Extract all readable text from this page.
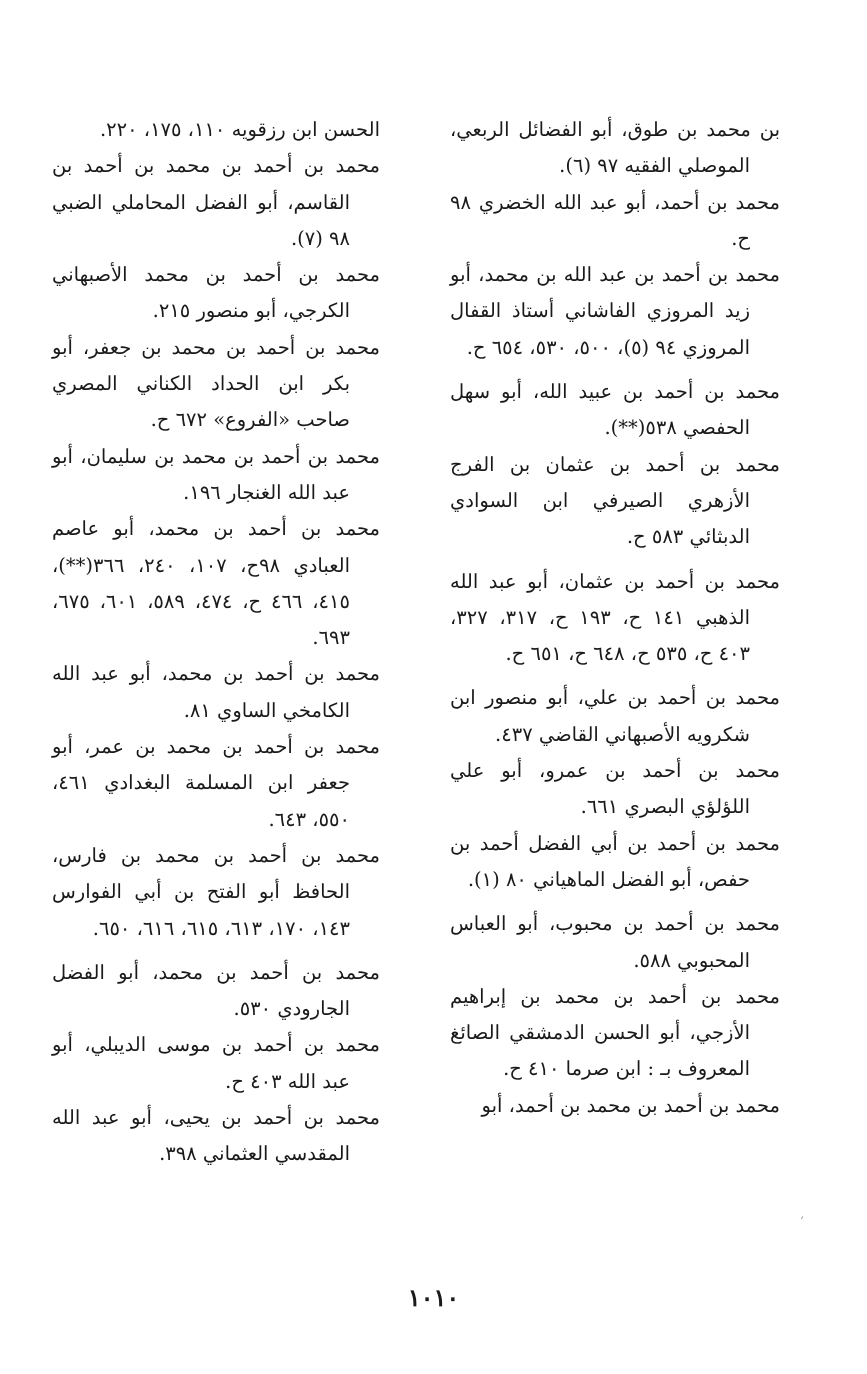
بن محمد بن طوق، أبو الفضائل الربعي، الموصلي الفقيه ٩٧ (٦).

محمد بن أحمد، أبو عبد الله الخضري ٩٨ ح.

محمد بن أحمد بن عبد الله بن محمد، أبو زيد المروزي الفاشاني أستاذ القفال المروزي ٩٤ (٥)، ٥٠٠، ٥٣٠، ٦٥٤ ح.

محمد بن أحمد بن عبيد الله، أبو سهل الحفصي ٥٣٨(**).

محمد بن أحمد بن عثمان بن الفرج الأزهري الصيرفي ابن السوادي الدبثائي ٥٨٣ ح.

محمد بن أحمد بن عثمان، أبو عبد الله الذهبي ١٤١ ح، ١٩٣ ح، ٣١٧، ٣٢٧، ٤٠٣ ح، ٥٣٥ ح، ٦٤٨ ح، ٦٥١ ح.

محمد بن أحمد بن علي، أبو منصور ابن شكرويه الأصبهاني القاضي ٤٣٧.

محمد بن أحمد بن عمرو، أبو علي اللؤلؤي البصري ٦٦١.

محمد بن أحمد بن أبي الفضل أحمد بن حفص، أبو الفضل الماهياني ٨٠ (١).

محمد بن أحمد بن محبوب، أبو العباس المحبوبي ٥٨٨.

محمد بن أحمد بن محمد بن إبراهيم الأزجي، أبو الحسن الدمشقي الصائغ المعروف بـ : ابن صرما ٤١٠ ح.

محمد بن أحمد بن محمد بن أحمد، أبو

الحسن ابن رزقويه ١١٠، ١٧٥، ٢٢٠.

محمد بن أحمد بن محمد بن أحمد بن القاسم، أبو الفضل المحاملي الضبي ٩٨ (٧).

محمد بن أحمد بن محمد الأصبهاني الكرجي، أبو منصور ٢١٥.

محمد بن أحمد بن محمد بن جعفر، أبو بكر ابن الحداد الكناني المصري صاحب «الفروع» ٦٧٢ ح.

محمد بن أحمد بن محمد بن سليمان، أبو عبد الله الغنجار ١٩٦.

محمد بن أحمد بن محمد، أبو عاصم العبادي ٩٨ح، ١٠٧، ٢٤٠، ٣٦٦(**)، ٤١٥، ٤٦٦ ح، ٤٧٤، ٥٨٩، ٦٠١، ٦٧٥، ٦٩٣.

محمد بن أحمد بن محمد، أبو عبد الله الكامخي الساوي ٨١.

محمد بن أحمد بن محمد بن عمر، أبو جعفر ابن المسلمة البغدادي ٤٦١، ٥٥٠، ٦٤٣.

محمد بن أحمد بن محمد بن فارس، الحافظ أبو الفتح بن أبي الفوارس ١٤٣، ١٧٠، ٦١٣، ٦١٥، ٦١٦، ٦٥٠.

محمد بن أحمد بن محمد، أبو الفضل الجارودي ٥٣٠.

محمد بن أحمد بن موسى الديبلي، أبو عبد الله ٤٠٣ ح.

محمد بن أحمد بن يحيى، أبو عبد الله المقدسي العثماني ٣٩٨.

ʻ
١٠١٠
